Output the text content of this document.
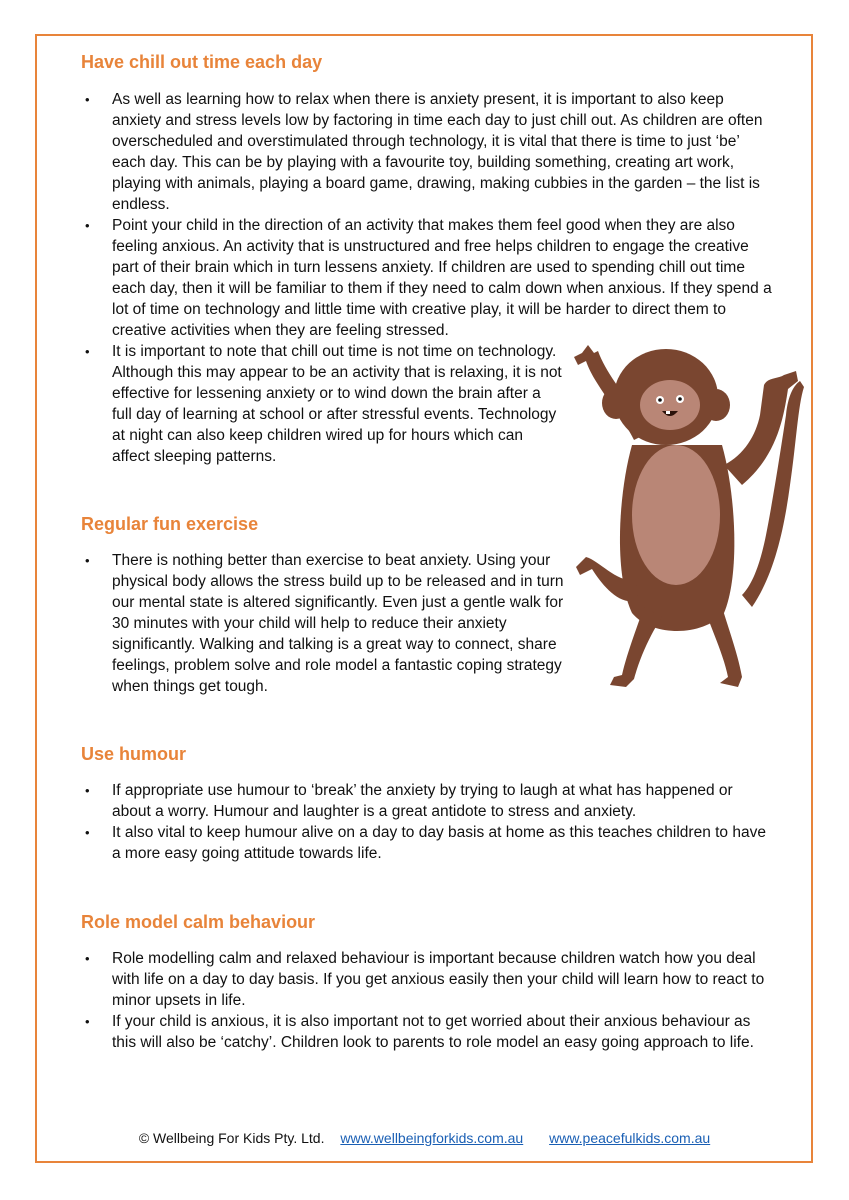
Have chill out time each day
• As well as learning how to relax when there is anxiety present, it is important to also keep anxiety and stress levels low by factoring in time each day to just chill out. As children are often overscheduled and overstimulated through technology, it is vital that there is time to just ‘be’ each day. This can be by playing with a favourite toy, building something, creating art work, playing with animals, playing a board game, drawing, making cubbies in the garden – the list is endless.
• Point your child in the direction of an activity that makes them feel good when they are also feeling anxious. An activity that is unstructured and free helps children to engage the creative part of their brain which in turn lessens anxiety. If children are used to spending chill out time each day, then it will be familiar to them if they need to calm down when anxious. If they spend a lot of time on technology and little time with creative play, it will be harder to direct them to creative activities when they are feeling stressed.
• It is important to note that chill out time is not time on technology. Although this may appear to be an activity that is relaxing, it is not effective for lessening anxiety or to wind down the brain after a full day of learning at school or after stressful events. Technology at night can also keep children wired up for hours which can affect sleeping patterns.
Regular fun exercise
• There is nothing better than exercise to beat anxiety. Using your physical body allows the stress build up to be released and in turn our mental state is altered significantly. Even just a gentle walk for 30 minutes with your child will help to reduce their anxiety significantly. Walking and talking is a great way to connect, share feelings, problem solve and role model a fantastic coping strategy when things get tough.
Use humour
• If appropriate use humour to ‘break’ the anxiety by trying to laugh at what has happened or about a worry. Humour and laughter is a great antidote to stress and anxiety.
• It also vital to keep humour alive on a day to day basis at home as this teaches children to have a more easy going attitude towards life.
Role model calm behaviour
• Role modelling calm and relaxed behaviour is important because children watch how you deal with life on a day to day basis. If you get anxious easily then your child will learn how to react to minor upsets in life.
• If your child is anxious, it is also important not to get worried about their anxious behaviour as this will also be ‘catchy’. Children look to parents to role model an easy going approach to life.
© Wellbeing For Kids Pty. Ltd. www.wellbeingforkids.com.au www.peacefulkids.com.au
